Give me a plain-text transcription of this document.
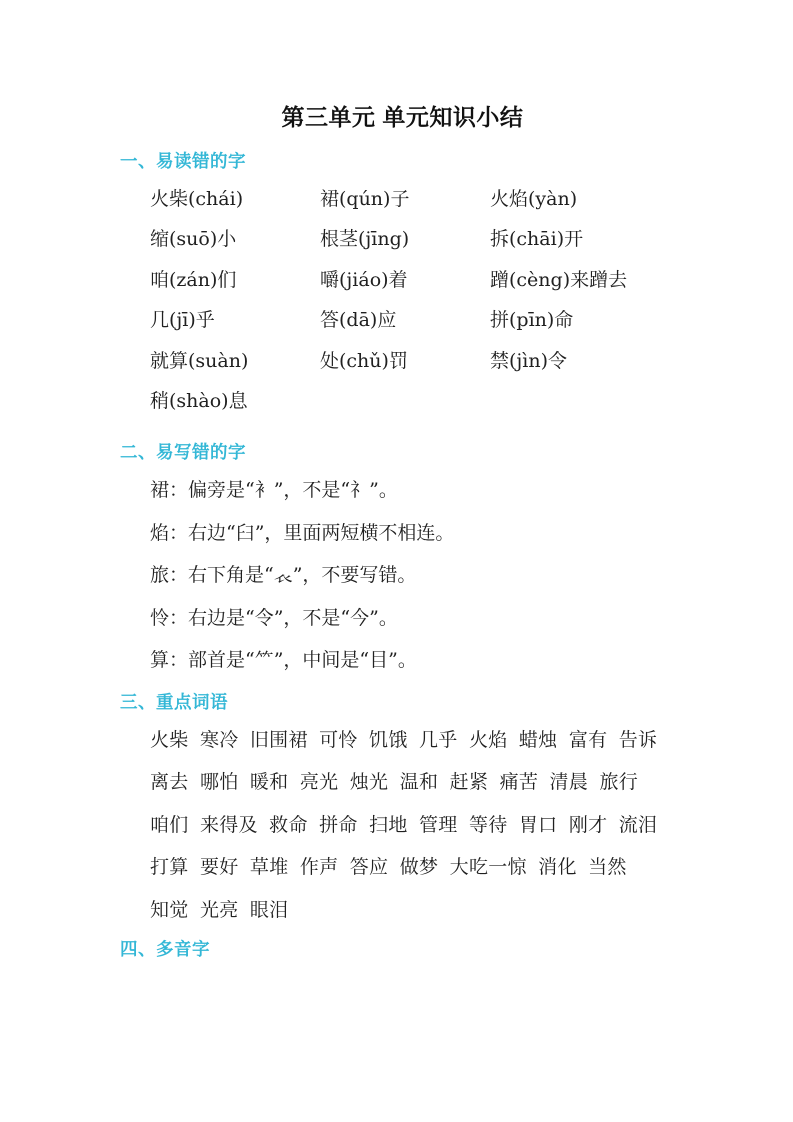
第三单元 单元知识小结
一、易读错的字

火柴(chái)	裙(qún)子	火焰(yàn)

缩(suō)小	根茎(jīng)	拆(chāi)开

咱(zán)们	嚼(jiáo)着	蹭(cèng)来蹭去

几(jī)乎	答(dā)应	拼(pīn)命

就算(suàn)	处(chǔ)罚	禁(jìn)令

稍(shào)息

二、易写错的字

裙：偏旁是“衤”，不是“礻”。

焰：右边“臼”，里面两短横不相连。

旅：右下角是“𧘇”，不要写错。

怜：右边是“令”，不是“今”。

算：部首是“⺮”，中间是“目”。

三、重点词语

火柴 寒冷 旧围裙 可怜 饥饿 几乎 火焰 蜡烛 富有 告诉

离去 哪怕 暖和 亮光 烛光 温和 赶紧 痛苦 清晨 旅行

咱们 来得及 救命 拼命 扫地 管理 等待 胃口 刚才 流泪

打算 要好 草堆 作声 答应 做梦 大吃一惊 消化 当然

知觉 光亮 眼泪

四、多音字
